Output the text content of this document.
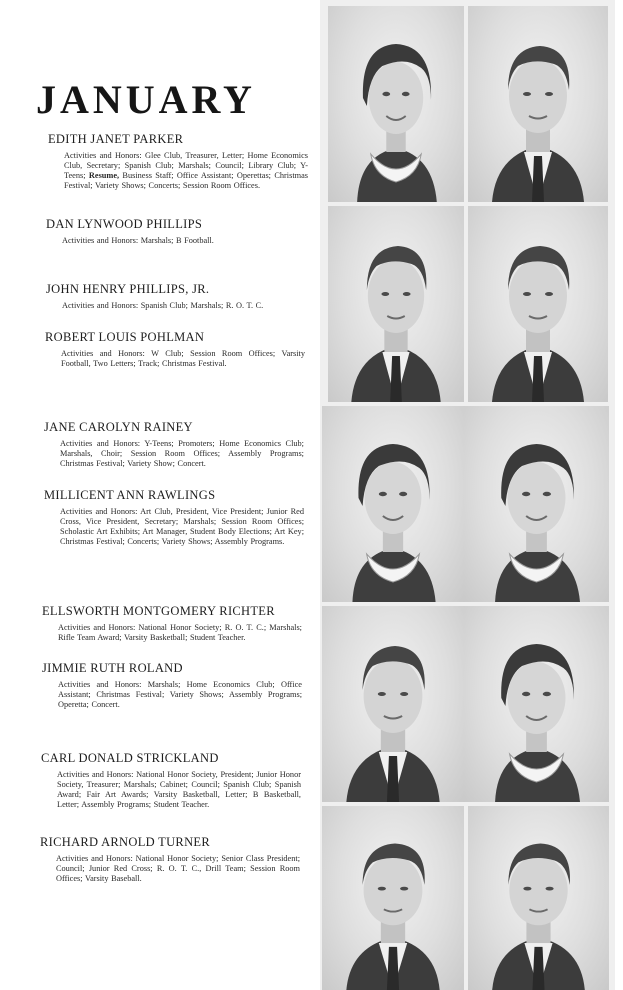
JANUARY
EDITH JANET PARKER
Activities and Honors: Glee Club, Treasurer, Letter; Home Economics Club, Secretary; Spanish Club; Marshals; Council; Library Club; Y-Teens; Resume, Business Staff; Office Assistant; Operettas; Christmas Festival; Variety Shows; Concerts; Session Room Offices.
DAN LYNWOOD PHILLIPS
Activities and Honors: Marshals; B Football.
JOHN HENRY PHILLIPS, JR.
Activities and Honors: Spanish Club; Marshals; R. O. T. C.
ROBERT LOUIS POHLMAN
Activities and Honors: W Club; Session Room Offices; Varsity Football, Two Letters; Track; Christmas Festival.
JANE CAROLYN RAINEY
Activities and Honors: Y-Teens; Promoters; Home Economics Club; Marshals, Choir; Session Room Offices; Assembly Programs; Christmas Festival; Variety Show; Concert.
MILLICENT ANN RAWLINGS
Activities and Honors: Art Club, President, Vice President; Junior Red Cross, Vice President, Secretary; Marshals; Session Room Offices; Scholastic Art Exhibits; Art Manager, Student Body Elections; Art Key; Christmas Festival; Concerts; Variety Shows; Assembly Programs.
ELLSWORTH MONTGOMERY RICHTER
Activities and Honors: National Honor Society; R. O. T. C.; Marshals; Rifle Team Award; Varsity Basketball; Student Teacher.
JIMMIE RUTH ROLAND
Activities and Honors: Marshals; Home Economics Club; Office Assistant; Christmas Festival; Variety Shows; Assembly Programs; Operetta; Concert.
CARL DONALD STRICKLAND
Activities and Honors: National Honor Society, President; Junior Honor Society, Treasurer; Marshals; Cabinet; Council; Spanish Club; Spanish Award; Fair Art Awards; Varsity Basketball, Letter; B Basketball, Letter; Assembly Programs; Student Teacher.
RICHARD ARNOLD TURNER
Activities and Honors: National Honor Society; Senior Class President; Council; Junior Red Cross; R. O. T. C., Drill Team; Session Room Offices; Varsity Baseball.
